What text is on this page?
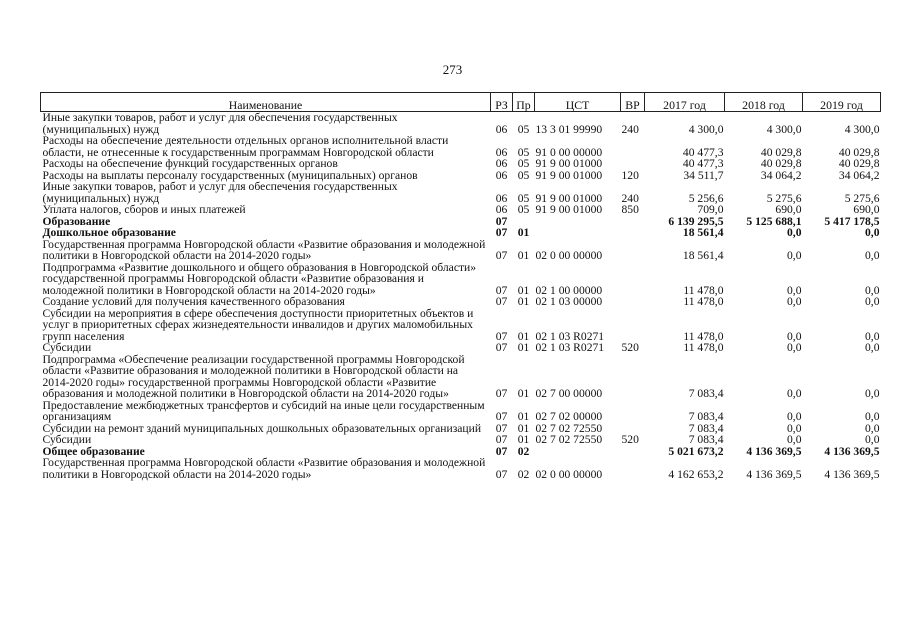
273
Наименование	РЗ	Пр	ЦСТ	ВР	2017 год	2018 год	2019 год
Иные закупки товаров, работ и услуг для обеспечения государственных (муниципальных) нужд	06	05	13 3 01 99990	240	4 300,0	4 300,0	4 300,0
Расходы на обеспечение деятельности отдельных органов исполнительной власти области, не отнесенные к государственным программам Новгородской области	06	05	91 0 00 00000		40 477,3	40 029,8	40 029,8
Расходы на обеспечение функций государственных органов	06	05	91 9 00 01000		40 477,3	40 029,8	40 029,8
Расходы на выплаты персоналу государственных (муниципальных) органов	06	05	91 9 00 01000	120	34 511,7	34 064,2	34 064,2
Иные закупки товаров, работ и услуг для обеспечения государственных (муниципальных) нужд	06	05	91 9 00 01000	240	5 256,6	5 275,6	5 275,6
Уплата налогов, сборов и иных платежей	06	05	91 9 00 01000	850	709,0	690,0	690,0
Образование	07				6 139 295,5	5 125 688,1	5 417 178,5
Дошкольное образование	07	01			18 561,4	0,0	0,0
Государственная программа Новгородской области «Развитие образования и молодежной политики в Новгородской области на 2014-2020 годы»	07	01	02 0 00 00000		18 561,4	0,0	0,0
Подпрограмма «Развитие дошкольного и общего образования в Новгородской области» государственной программы Новгородской области «Развитие образования и молодежной политики в Новгородской области на 2014-2020 годы»	07	01	02 1 00 00000		11 478,0	0,0	0,0
Создание условий для получения качественного образования	07	01	02 1 03 00000		11 478,0	0,0	0,0
Субсидии на мероприятия в сфере обеспечения доступности приоритетных объектов и услуг в приоритетных сферах жизнедеятельности инвалидов и других маломобильных групп населения	07	01	02 1 03 R0271		11 478,0	0,0	0,0
Субсидии	07	01	02 1 03 R0271	520	11 478,0	0,0	0,0
Подпрограмма «Обеспечение реализации государственной программы Новгородской области «Развитие образования и молодежной политики в Новгородской области на 2014-2020 годы» государственной программы Новгородской области «Развитие образования и молодежной политики в Новгородской области на 2014-2020 годы»	07	01	02 7 00 00000		7 083,4	0,0	0,0
Предоставление межбюджетных трансфертов и субсидий на иные цели государственным организациям	07	01	02 7 02 00000		7 083,4	0,0	0,0
Субсидии на ремонт зданий муниципальных дошкольных образовательных организаций	07	01	02 7 02 72550		7 083,4	0,0	0,0
Субсидии	07	01	02 7 02 72550	520	7 083,4	0,0	0,0
Общее образование	07	02			5 021 673,2	4 136 369,5	4 136 369,5
Государственная программа Новгородской области «Развитие образования и молодежной политики в Новгородской области на 2014-2020 годы»	07	02	02 0 00 00000		4 162 653,2	4 136 369,5	4 136 369,5
